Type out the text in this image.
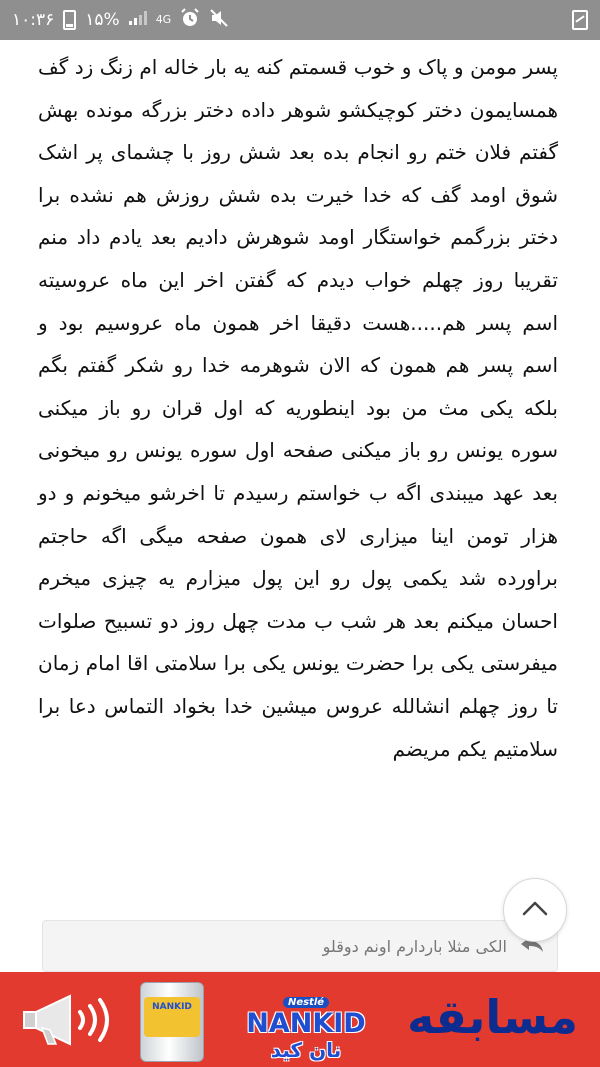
۱۰:۳۶ ۱۵%	4G

پسر مومن و پاک و خوب قسمتم کنه یه بار خاله ام زنگ زد گف همسایمون دختر کوچیکشو شوهر داده دختر بزرگه مونده بهش گفتم فلان ختم رو انجام بده بعد شش روز با چشمای پر اشک شوق اومد گف که خدا خیرت بده شش روزش هم نشده برا دختر بزرگمم خواستگار اومد شوهرش دادیم بعد یادم داد منم تقریبا روز چهلم خواب دیدم که گفتن اخر این ماه عروسیته اسم پسر هم.....هست دقیقا اخر همون ماه عروسیم بود و اسم پسر هم همون که الان شوهرمه خدا رو شکر گفتم بگم بلکه یکی مث من بود اینطوریه که اول قران رو باز میکنی سوره یونس رو باز میکنی صفحه اول سوره یونس رو میخونی بعد عهد میبندی اگه ب خواستم رسیدم تا اخرشو میخونم و دو هزار تومن اینا میزاری لای همون صفحه میگی اگه حاجتم براورده شد یکمی پول رو این پول میزارم یه چیزی میخرم احسان میکنم بعد هر شب ب مدت چهل روز دو تسبیح صلوات میفرستی یکی برا حضرت یونس یکی برا سلامتی اقا امام زمان تا روز چهلم انشالله عروس میشین خدا بخواد التماس دعا برا سلامتیم یکم مریضم

الکی مثلا باردارم اونم دوقلو
NANKID	Nestlé
NANKID
نان کید
مسابقه
